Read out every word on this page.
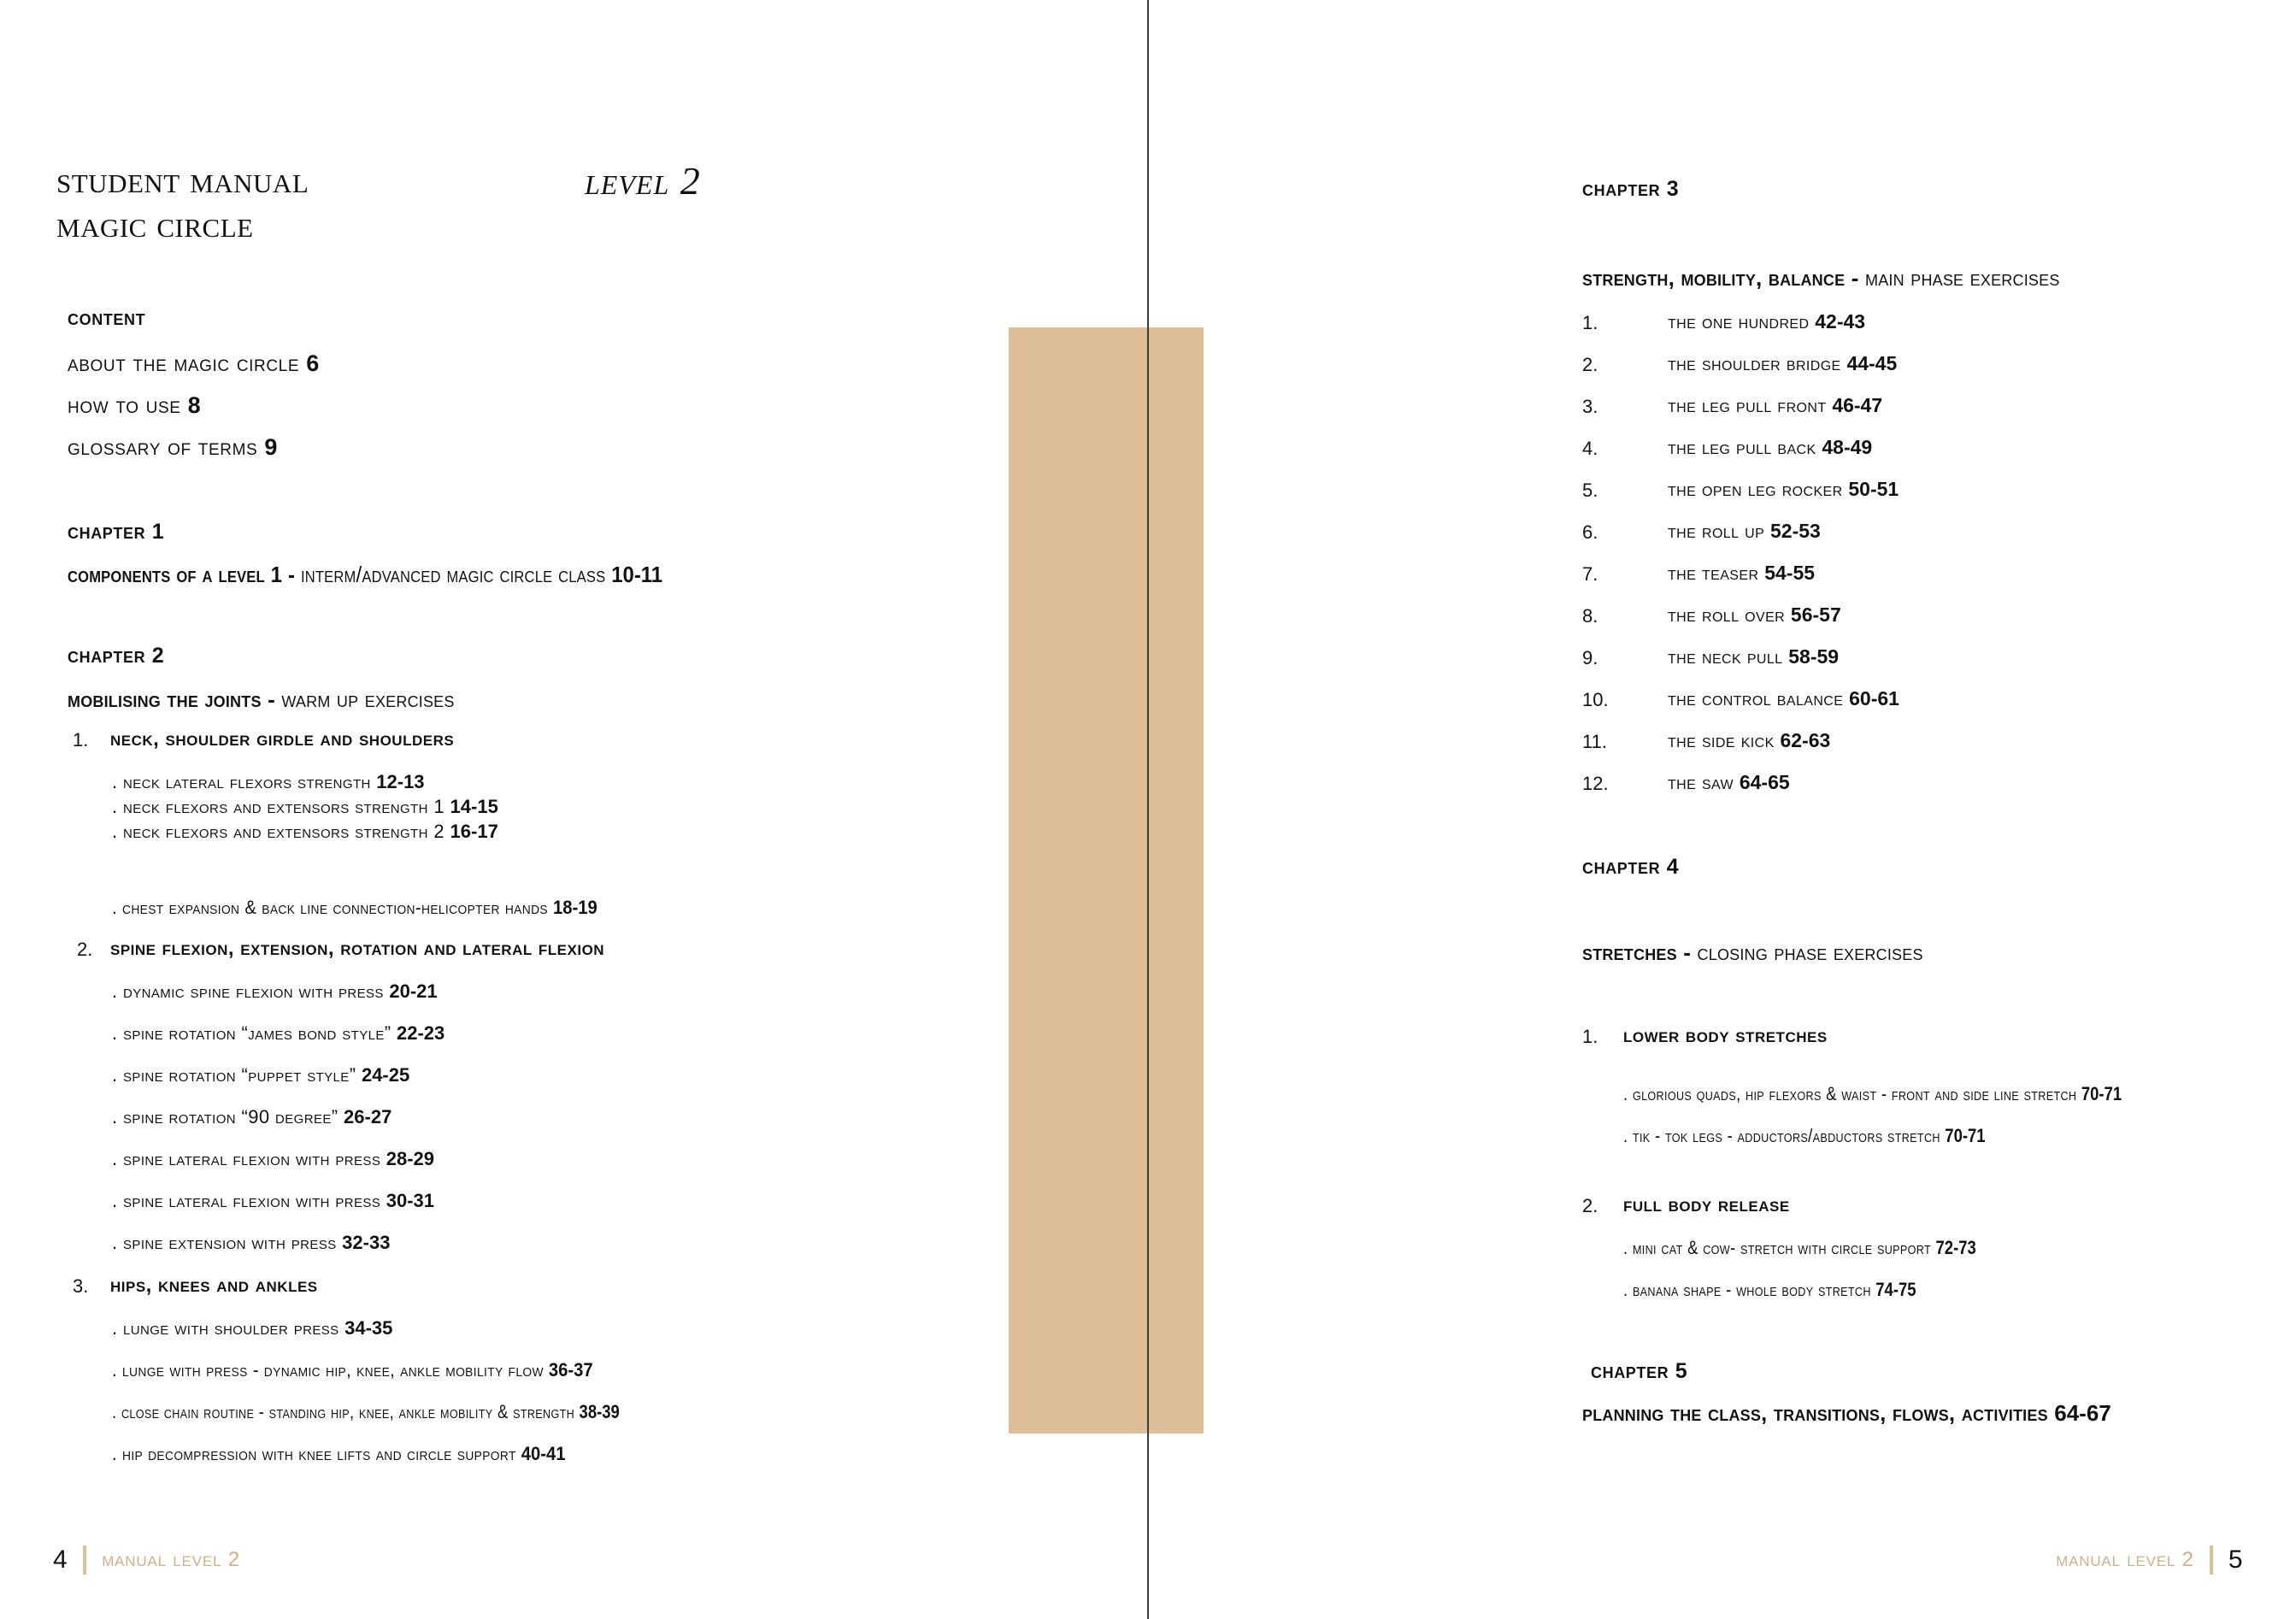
student manual
magic circle
level 2
content
about the magic circle 6
how to use 8
glossary of terms 9
chapter 1
components of a level 1 - interm/advanced magic circle class 10-11
chapter 2
mobilising the joints - warm up exercises
1. neck, shoulder girdle and shoulders
. neck lateral flexors strength 12-13
. neck flexors and extensors strength 1 14-15
. neck flexors and extensors strength 2 16-17
. chest expansion & back line connection-helicopter hands 18-19
2. spine flexion, extension, rotation and lateral flexion
. dynamic spine flexion with press 20-21
. spine rotation “james bond style” 22-23
. spine rotation “puppet style” 24-25
. spine rotation “90 degree” 26-27
. spine lateral flexion with press 28-29
. spine lateral flexion with press 30-31
. spine extension with press 32-33
3. hips, knees and ankles
. lunge with shoulder press 34-35
. lunge with press - dynamic hip, knee, ankle mobility flow 36-37
. close chain routine - standing hip, knee, ankle mobility & strength 38-39
. hip decompression with knee lifts and circle support 40-41
4 manual level 2
chapter 3
strength, mobility, balance - main phase exercises
1.	the one hundred 42-43
2.	the shoulder bridge 44-45
3.	the leg pull front 46-47
4.	the leg pull back 48-49
5.	the open leg rocker 50-51
6.	the roll up 52-53
7.	the teaser 54-55
8.	the roll over 56-57
9.	the neck pull 58-59
10.	the control balance 60-61
11.	the side kick 62-63
12.	the saw 64-65
chapter 4
stretches - closing phase exercises
1. lower body stretches
. glorious quads, hip flexors & waist - front and side line stretch 70-71
. tik - tok legs - adductors/abductors stretch 70-71
2. full body release
. mini cat & cow- stretch with circle support 72-73
. banana shape - whole body stretch 74-75
chapter 5
planning the class, transitions, flows, activities 64-67
manual level 2 5
